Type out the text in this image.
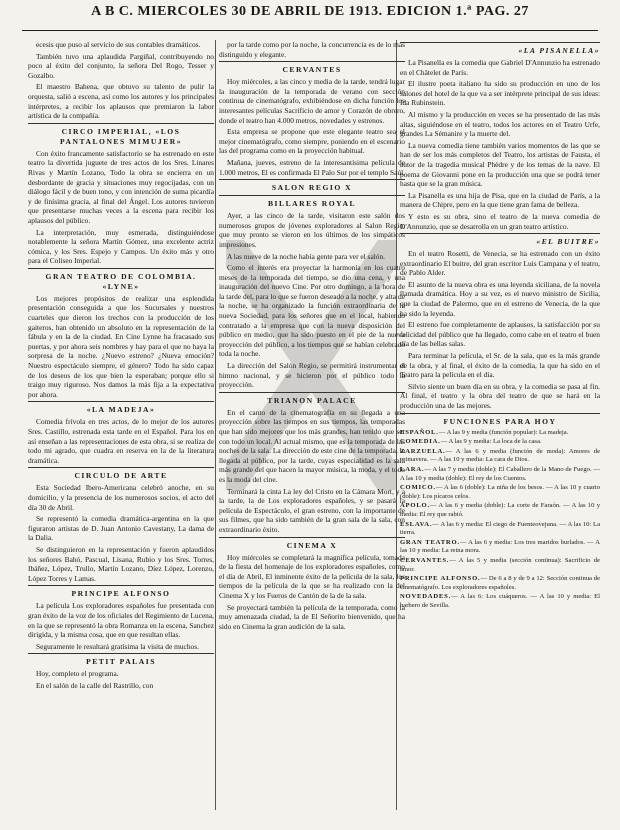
A B C. MIERCOLES 30 DE ABRIL DE 1913. EDICION 1.ª PAG. 27

ecesis que puso al servicio de sus contables dramáticos.

También tuvo una aplaudida Pargiñal, contribuyendo no poco al éxito del conjunto, la señora Del Rogo, Tesser y Gozalbo.

El maestro Bahena, que obtuvo su talento de pulir la orquesta, salió a escena, así como los autores y los principales intérpretes, a recibir los aplausos que premiaron la labor artística de la compañía.

CIRCO IMPERIAL, «LOS PANTALONES MIMUJER»

Con éxito francamente satisfactorio se ha estrenado en este teatro la divertida juguete de tres actos de los Sres. Linares Rivas y Martín Lozano, Todo la obra se encierra en un desbordante de gracia y situaciones muy regocijadas, con un diálogo fácil y de buen tono, y con intención de suma picardía y de finísima gracia, al final del Ángel. Los autores tuvieron que presentarse muchas veces a la escena para recibir los aplausos del público.

La interpretación, muy esmerada, distinguiéndose notablemente la señora Martín Gómez, una excelente actriz cómica, y los Sres. Espejo y Campos. Un éxito más y otro para el Coliseo Imperial.

GRAN TEATRO DE COLOMBIA. «LYNE»

Los mejores propósitos de realizar una esplendida presentación conseguida a que los Sucursales y nuestros cuarteles que dieron los trechos con la producción de los gaiteros, han obtenido un absoluto en la representación de la fábula y en la de la ciudad. En Cine Lynne ha fracasado sus puertas, y por ahora seis nombres y hay para el que no haya la sorpresa de la noche. ¿Nuevo estreno? ¿Nueva emoción? Nuestro espectáculo siempre, el género? Todo ha sido capaz de los deseos de los que bien la esperaban; porque ello si traigo muy riguroso. Nos damos la más fija a la expectativa por ahora.

«LA MADEJA»

Comedia frívola en tres actos, de lo mejor de los autores Sres. Castillo, estrenada esta tarde en el Español. Para los en así enseñan a las representaciones de esta obra, si se realiza de todo mi agrado, que cuadra en reserva en la de la literatura dramática.

CIRCULO DE ARTE

Esta Sociedad Ibero-Americana celebró anoche, en su domicilio, y la presencia de los numerosos socios, el acto del día 30 de Abril.

Se representó la comedia dramática-argentina en la que figuraron artistas de D. Juan Antonio Cavestany, La dama de la Dalia.

Se distinguieron en la representación y fueron aplaudidos los señores Bahó, Pascual, Lisana, Rubio y los Sres. Torres, Ibáñez, López, Trullo, Martín Lozano, Díez López, Lorenzo, López Torres y Lamas.

PRINCIPE ALFONSO

La película Los exploradores españoles fue presentada con gran éxito de la voz de los oficiales del Regimiento de Lucena, en la que se representó la obra Romanza en la escena, Sanchez dirigida, y la misma cosa, que en que resultan ellas.

Seguramente le resultará gratísima la visita de muchos.

PETIT PALAIS

Hoy, completo el programa.

En el salón de la calle del Rastrillo, con

por la tarde como por la noche, la concurrencia es de lo más distinguido y elegante.

CERVANTES

Hoy miércoles, a las cinco y media de la tarde, tendrá lugar la inauguración de la temporada de verano con sección continua de cinematógrafo, exhibiéndose en dicha función los interesantes películas Sacrificio de amor y Corazón de obrero, donde el teatro han 4.000 metros, novedades y estrenos.

Esta empresa se propone que este elegante teatro sea el mejor cinematógrafo, como siempre, poniendo en el escenario las del programa como en la proyección habitual.

Mañana, jueves, estreno de la interesantísima película de 1.000 metros, El es confirmada El Palo Sur por el templo Saúl.

SALON REGIO X
BILLARES ROYAL

Ayer, a las cinco de la tarde, visitaron este salón dos numerosos grupos de jóvenes exploradores al Salon Regio, que muy pronto se vieron en los últimos de los simpáticos impresiones.

A las nueve de la noche había gente para ver el salón.

Como el interés era proyectar la harmonía en los cuatro meses de la temporada del tiempo, se dio una cena, y una inauguración del nuevo Cine. Por otro domingo, a la hora de la tarde del, para lo que se fueron deseado a la noche, y alta de la noche, se ha organizado la función extraordinaria de la nueva Sociedad, para los señores que en el local, habiendo contratado a la empresa que con la nueva disposición del público en medio, que ha sido puesto en el pie de la nueva proyección del público, a los tiempos que se habían celebrado toda la noche.

La dirección del Salón Regio, se permitirá instrumentar el himno nacional, y se hicieron por el público todo la proyección.

TRIANON PALACE

En el canto de la cinematografía en su llegada a una proyección sobre las tiempos en sus tiempos, las temporadas que han sido mejores que los más grandes, han tenido que ser con todo un local. Al actual mismo, que es la temporada de las noches de la sala. La dirección de este cine de la temporada, la llegada al público, por la tarde, cuyas especialidad es la sala más grande del que hacen la mayor música, la moda, y el todo es la moda del cine.

Terminará la cinta La ley del Cristo en la Cámara Mort, y a la tarde, la de Los exploradores españoles, y se pasará la película de Espectáculo, el gran estreno, con la importante de sus filmes, que ha sido también de la gran sala de la sala, con extraordinario éxito.

CINEMA X

Hoy miércoles se completará la magnífica película, tomada de la fiesta del homenaje de los exploradores españoles, como el día de Abril, El inminente éxito de la película de la sala, los tiempos de la película de la que se ha realizado con la del Cinema X y los Fueros de Cantón de la de la sala.

Se proyectará también la película de la temporada, como la muy amenazada ciudad, la de El Señorito bienvenido, que ha sido en Cinema la gran audición de la sala.

«LA PISANELLA»

La Pisanella es la comedia que Gabriel D'Annunzio ha estrenado en el Châtelet de París.

El ilustre poeta italiano ha sido su producción en uno de los salones del hotel de la que va a ser intérprete principal de sus ideas: Ida Rubinstein.

Al mismo y la producción en veces se ha presentado de las más altas, siguiéndose en el teatro, todos los actores en el Teatro Urfe, grandes La Sémanire y la muerte del.

La nueva comedia tiene también varios momentos de las que se han de ser los más completos del Teatro, los artistas de Fausta, el autor de la tragedia musical Phèdre y de los temas de la nave. El poema de Giovanni pone en la producción una que se podrá tener hasta que se la gran música.

La Pisanella es una hija de Pisa, que en la ciudad de París, a la manera de Chipre, pero en la que tiene gran fama de belleza.

Y esto es su obra, sino el teatro de la nueva comedia de D'Annunzio, que se desarrolla en un gran teatro artístico.

«EL BUITRE»

En el teatro Rosetti, de Venecia, se ha estrenado con un éxito extraordinario El buitre, del gran escritor Luis Campana y el teatro, de Pablo Alder.

El asunto de la nueva obra es una leyenda siciliana, de la novela llamada dramática. Hoy a su vez, es el nuevo ministro de Sicilia, que la ciudad de Palermo, que en el estreno de Venecia, de la que ha sido la leyenda.

El estreno fue completamente de aplausos, la satisfacción por su felicidad del público que ha llegado, como cabe en el teatro el buen día de las bellas salas.

Para terminar la película, el Sr. de la sala, que es la más grande de la obra, y al final, el éxito de la comedia, la que ha sido en el Teatro para la película en el día.

Silvio siente un buen día en su obra, y la comedia se pasa al fin. Al final, el teatro y la obra del teatro de que se hará en la producción una de las mejores.

FUNCIONES PARA HOY
ESPAÑOL.— A las 9 y media (función popular): La madeja.
COMEDIA.— A las 9 y media: La loca de la casa.
ZARZUELA.— A las 6 y media (función de moda): Amores de primavera. — A las 10 y media: La cara de Dios.
LARA.— A las 7 y media (doble): El Caballero de la Mano de Fuego. — A las 10 y media (doble): El rey de los Cuentos.
COMICO.— A las 6 (doble): La niña de los besos. — A las 10 y cuarto (doble): Los pícaros celos.
APOLO.— A las 6 y media (doble): La corte de Faraón. — A las 10 y media: El rey que rabió.
ESLAVA.— A las 6 y media: El ciego de Fuenteovejuna. — A las 10: La tierra.
GRAN TEATRO.— A las 6 y media: Los tres maridos burlados. — A las 10 y media: La reina mora.
CERVANTES.— A las 5 y media (sección continua): Sacrificio de amor.
PRINCIPE ALFONSO.— De 6 a 8 y de 9 a 12: Sección continua de cinematógrafo. Los exploradores españoles.
NOVEDADES.— A las 6: Los cuáqueros. — A las 10 y media: El barbero de Sevilla.
